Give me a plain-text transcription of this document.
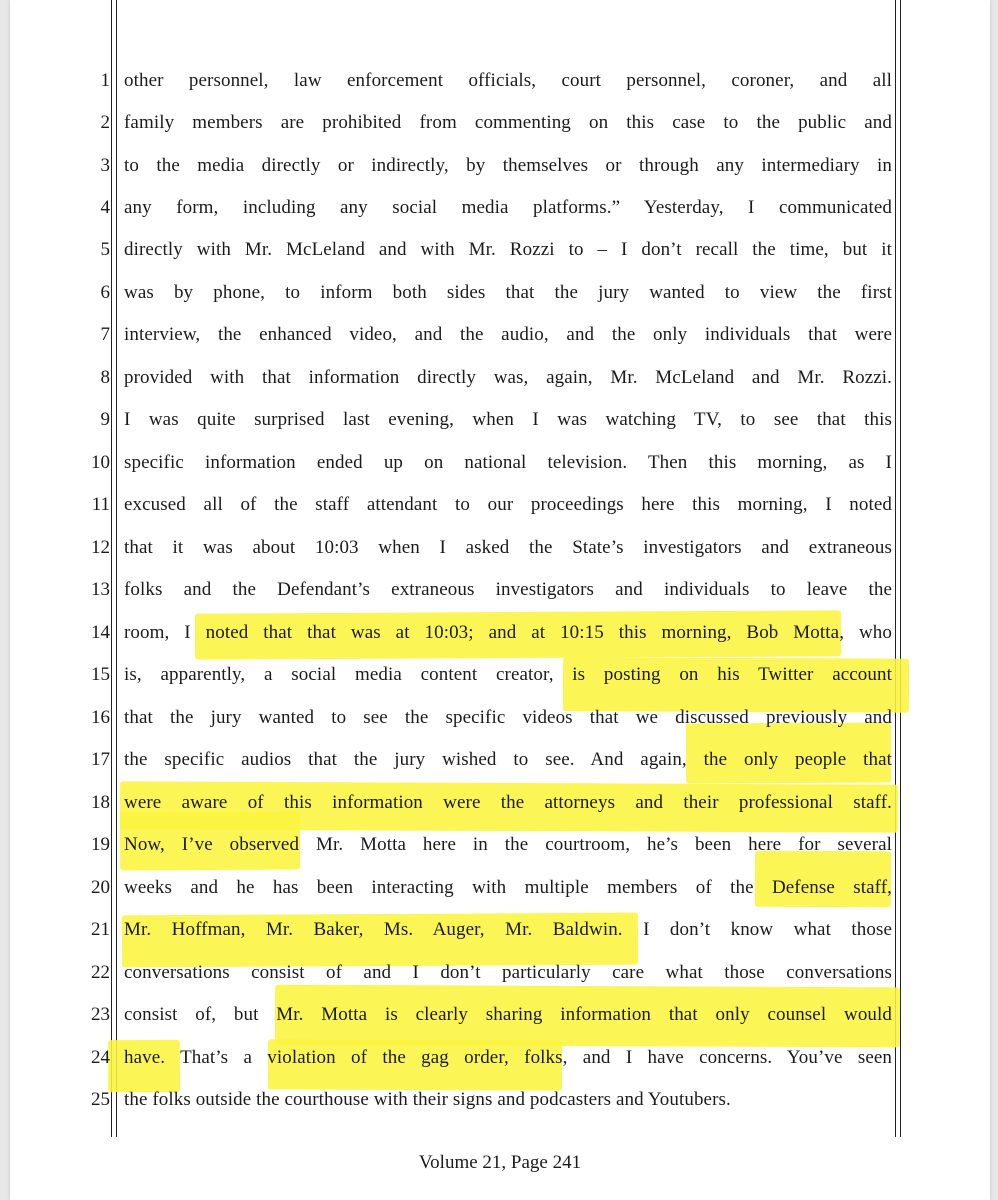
1 other personnel, law enforcement officials, court personnel, coroner, and all
2 family members are prohibited from commenting on this case to the public and
3 to the media directly or indirectly, by themselves or through any intermediary in
4 any form, including any social media platforms.” Yesterday, I communicated
5 directly with Mr. McLeland and with Mr. Rozzi to – I don’t recall the time, but it
6 was by phone, to inform both sides that the jury wanted to view the first
7 interview, the enhanced video, and the audio, and the only individuals that were
8 provided with that information directly was, again, Mr. McLeland and Mr. Rozzi.
9 I was quite surprised last evening, when I was watching TV, to see that this
10 specific information ended up on national television. Then this morning, as I
11 excused all of the staff attendant to our proceedings here this morning, I noted
12 that it was about 10:03 when I asked the State’s investigators and extraneous
13 folks and the Defendant’s extraneous investigators and individuals to leave the
14 room, I noted that that was at 10:03; and at 10:15 this morning, Bob Motta, who
15 is, apparently, a social media content creator, is posting on his Twitter account
16 that the jury wanted to see the specific videos that we discussed previously and
17 the specific audios that the jury wished to see. And again, the only people that
18 were aware of this information were the attorneys and their professional staff.
19 Now, I’ve observed Mr. Motta here in the courtroom, he’s been here for several
20 weeks and he has been interacting with multiple members of the Defense staff,
21 Mr. Hoffman, Mr. Baker, Ms. Auger, Mr. Baldwin. I don’t know what those
22 conversations consist of and I don’t particularly care what those conversations
23 consist of, but Mr. Motta is clearly sharing information that only counsel would
24 have. That’s a violation of the gag order, folks, and I have concerns. You’ve seen
25 the folks outside the courthouse with their signs and podcasters and Youtubers.
Volume 21, Page 241
